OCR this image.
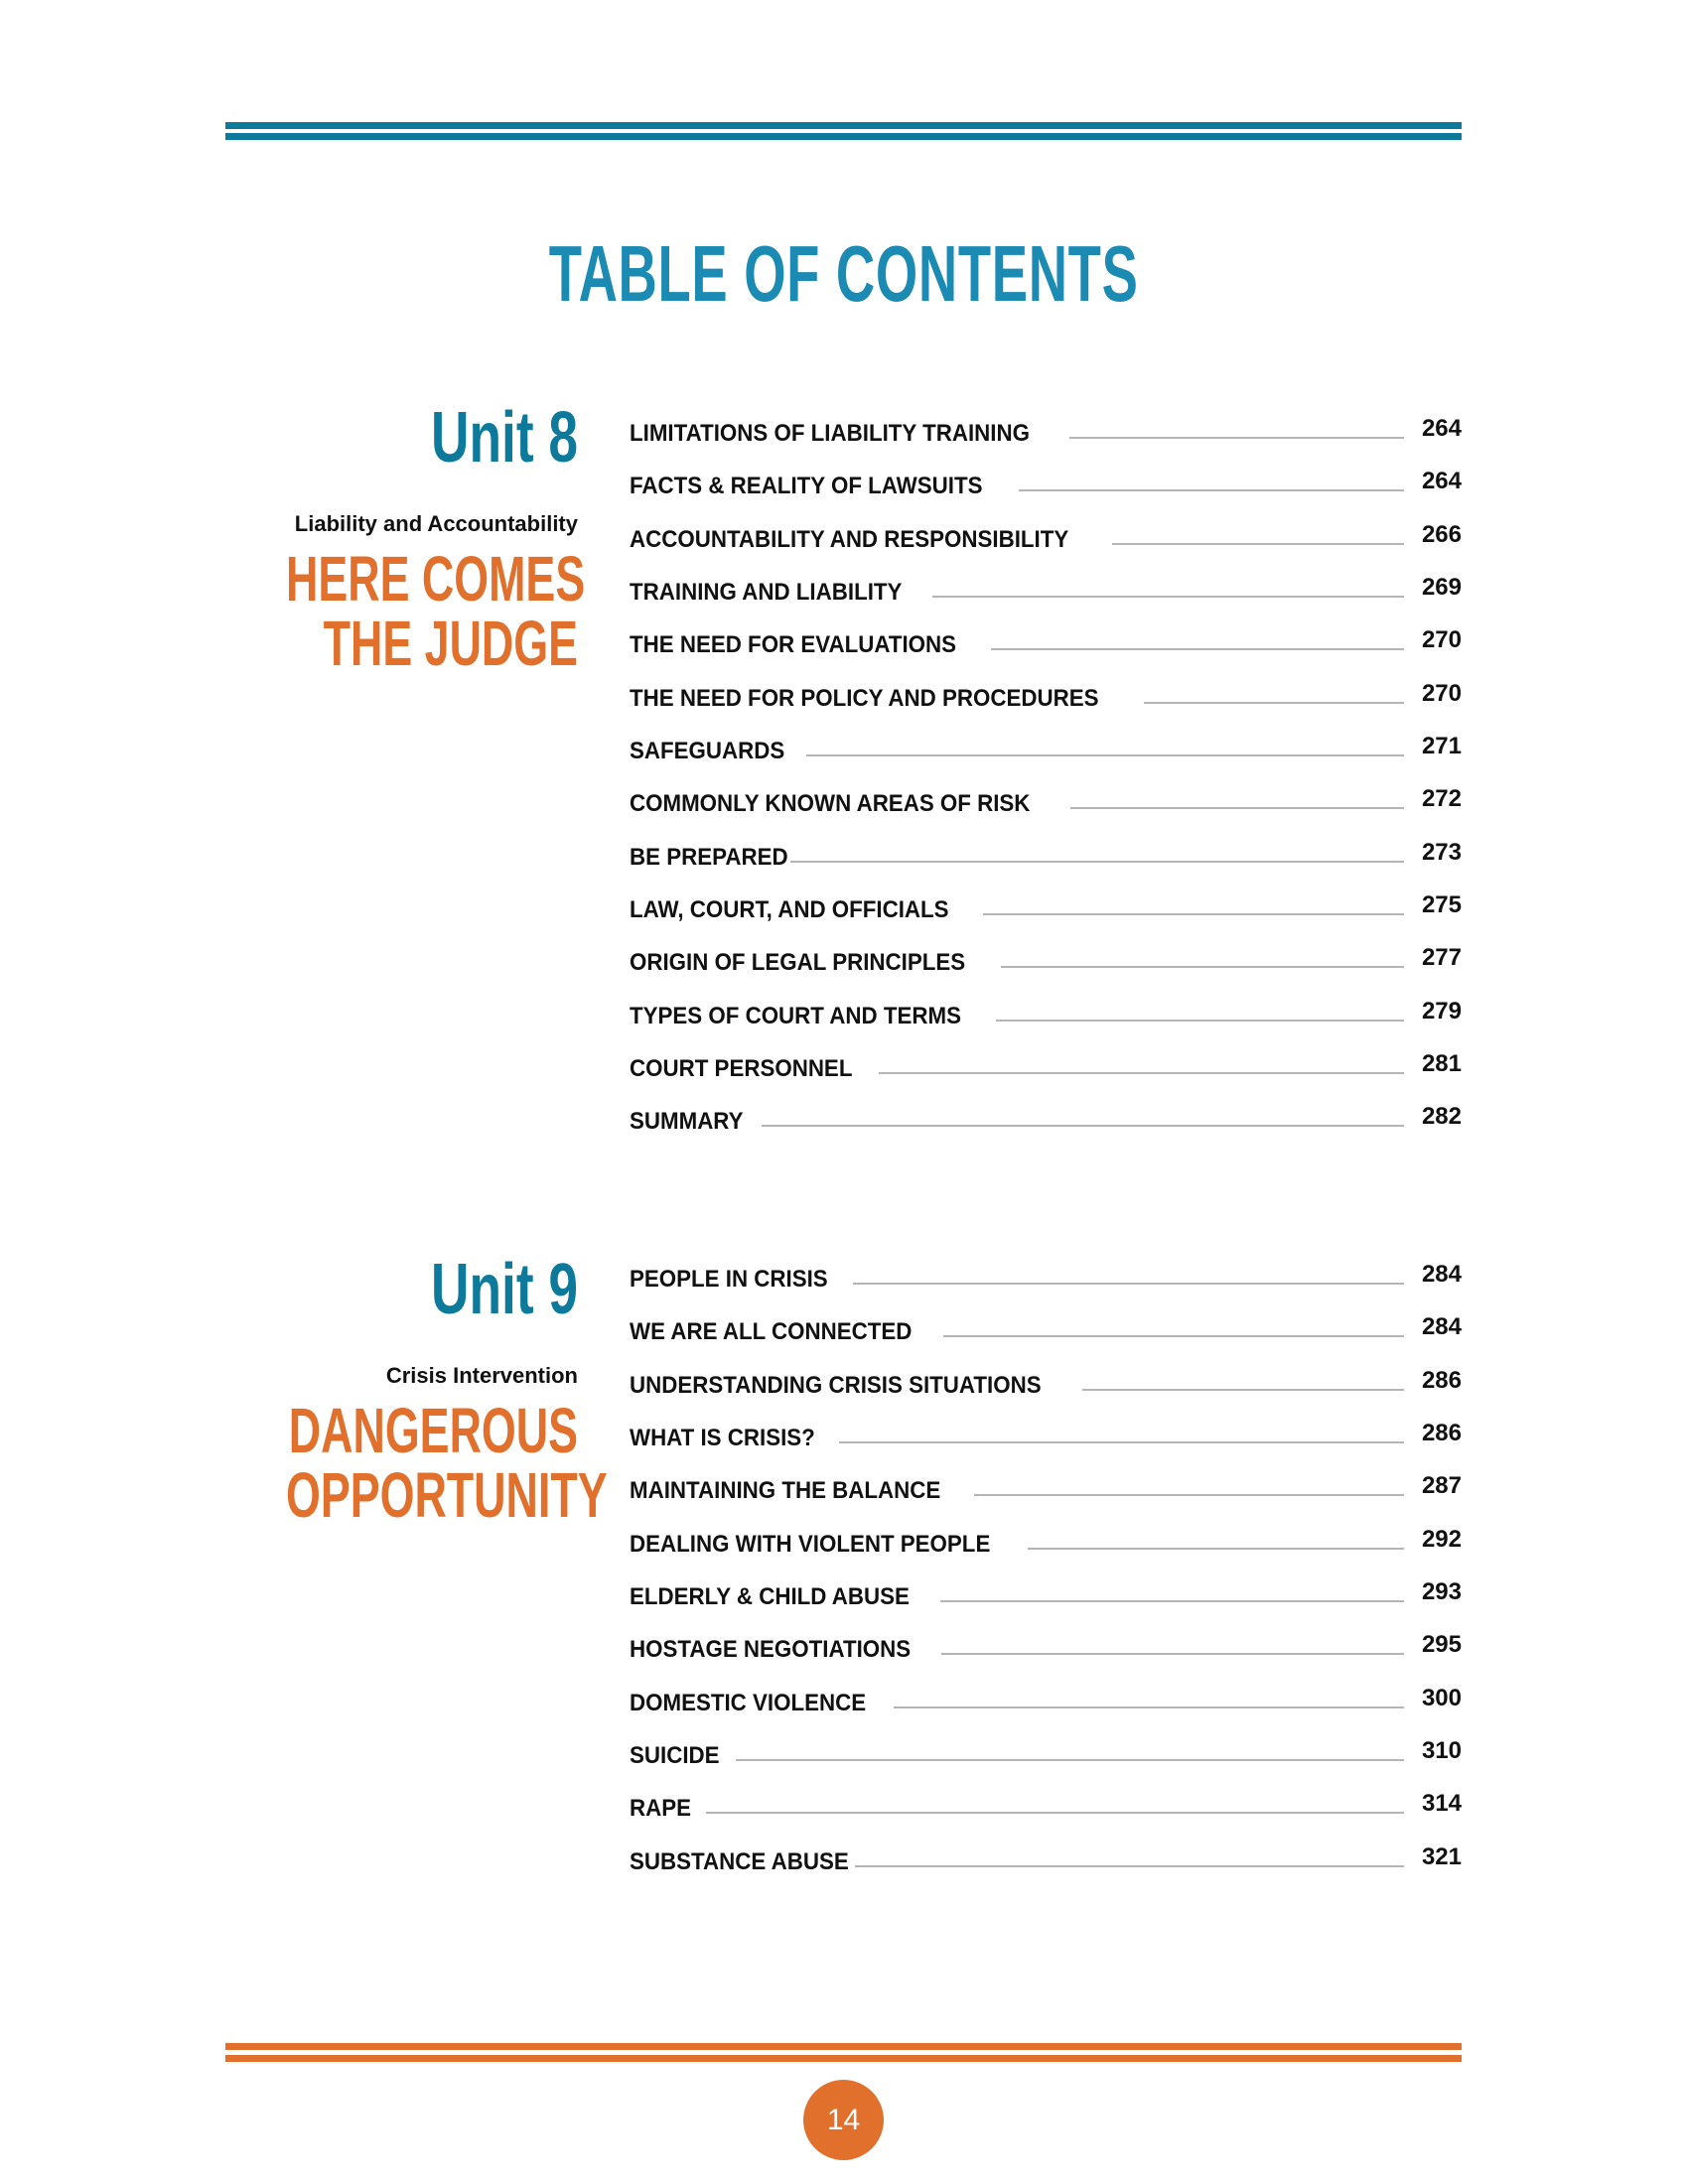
TABLE OF CONTENTS
Unit 8
Liability and Accountability
HERE COMES
THE JUDGE
LIMITATIONS OF LIABILITY TRAINING	264
FACTS & REALITY OF LAWSUITS	264
ACCOUNTABILITY AND RESPONSIBILITY	266
TRAINING AND LIABILITY	269
THE NEED FOR EVALUATIONS	270
THE NEED FOR POLICY AND PROCEDURES	270
SAFEGUARDS	271
COMMONLY KNOWN AREAS OF RISK	272
BE PREPARED	273
LAW, COURT, AND OFFICIALS	275
ORIGIN OF LEGAL PRINCIPLES	277
TYPES OF COURT AND TERMS	279
COURT PERSONNEL	281
SUMMARY	282
Unit 9
Crisis Intervention
DANGEROUS
OPPORTUNITY
PEOPLE IN CRISIS	284
WE ARE ALL CONNECTED	284
UNDERSTANDING CRISIS SITUATIONS	286
WHAT IS CRISIS?	286
MAINTAINING THE BALANCE	287
DEALING WITH VIOLENT PEOPLE	292
ELDERLY & CHILD ABUSE	293
HOSTAGE NEGOTIATIONS	295
DOMESTIC VIOLENCE	300
SUICIDE	310
RAPE	314
SUBSTANCE ABUSE	321
14
